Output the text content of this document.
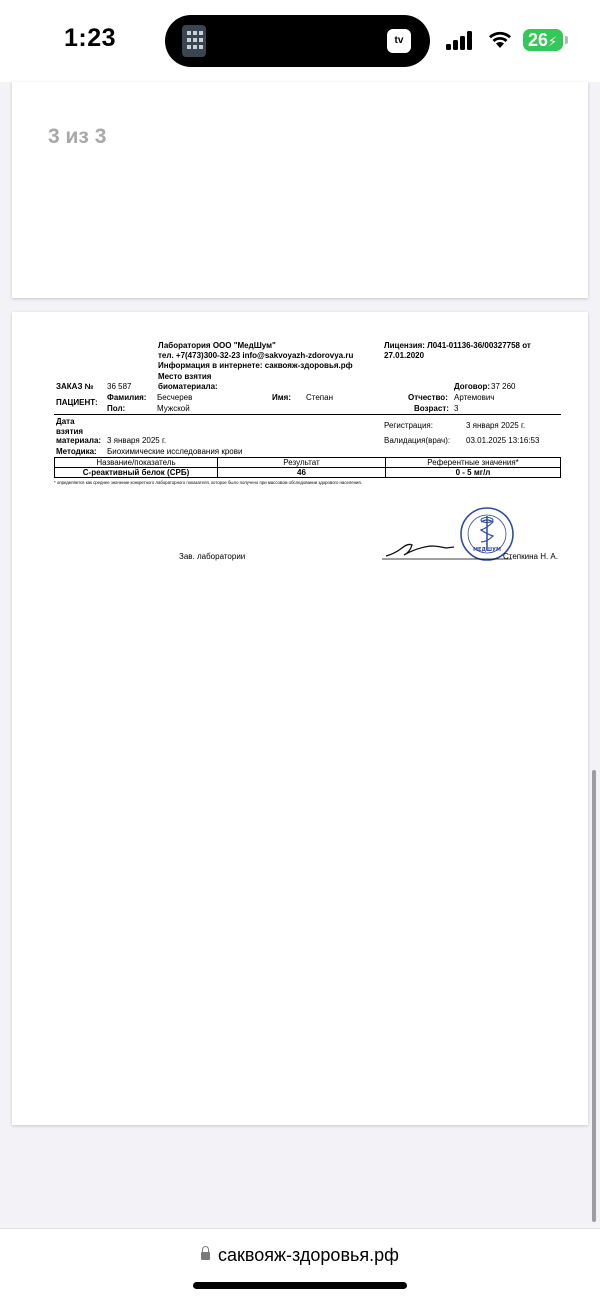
1:23	tv	26⚡
3 из 3
Лаборатория ООО "МедШум"
тел. +7(473)300-32-23 info@sakvoyazh-zdorovya.ru
Информация в интернете: саквояж-здоровья.рф
Место взятия
биоматериала:
Лицензия: Л041-01136-36/00327758 от
27.01.2020
ЗАКАЗ № 36 587	Договор: 37 260
ПАЦИЕНТ:
Фамилия: Бесчерев	Имя: Степан	Отчество: Артемович
Пол:	Мужской	Возраст: 3
Дата
взятия
материала: 3 января 2025 г.
Регистрация:	3 января 2025 г.
Валидация(врач): 03.01.2025 13:16:53
Методика: Биохимические исследования крови
Название/показатель	Результат	Референтные значения*
С-реактивный белок (СРБ)	46	0 - 5 мг/л
* определяется как среднее значение конкретного лабораторного показателя, которое было получено при массовом обследовании здорового населения.
Зав. лаборатории
МЕДШУМ
Степкина Н. А.
саквояж-здоровья.рф
